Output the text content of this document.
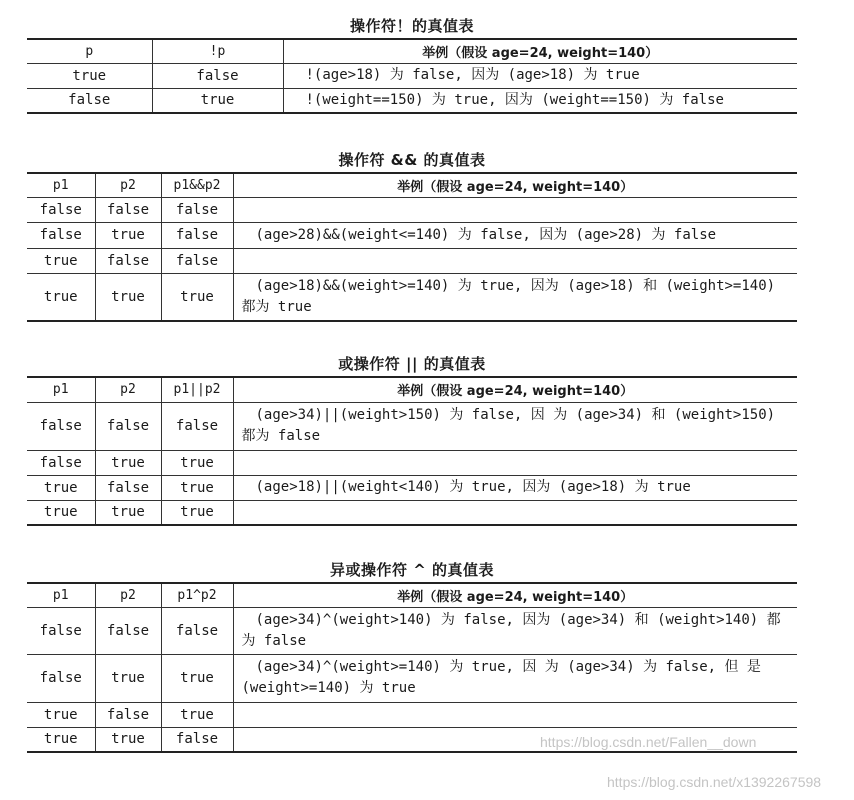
操作符！的真值表
p	!p	举例（假设 age=24, weight=140）
true	false	!(age>18) 为 false, 因为 (age>18) 为 true
false	true	!(weight==150) 为 true, 因为 (weight==150) 为 false
操作符 && 的真值表
p1	p2	p1&&p2	举例（假设 age=24, weight=140）
false	false	false	
false	true	false	(age>28)&&(weight<=140) 为 false, 因为 (age>28) 为 false
true	false	false	
true	true	true	(age>18)&&(weight>=140) 为 true, 因为 (age>18) 和 (weight>=140)
都为 true
或操作符 || 的真值表
p1	p2	p1||p2	举例（假设 age=24, weight=140）
false	false	false	(age>34)||(weight>150) 为 false, 因 为 (age>34) 和 (weight>150)
都为 false

false	true	true	
true	false	true	(age>18)||(weight<140) 为 true, 因为 (age>18) 为 true
true	true	true	
异或操作符 ^ 的真值表
p1	p2	p1^p2	举例（假设 age=24, weight=140）
false	false	false	(age>34)^(weight>140) 为 false, 因为 (age>34) 和 (weight>140) 都
为 false

false	true	true	(age>34)^(weight>=140) 为 true, 因 为 (age>34) 为 false, 但 是
(weight>=140) 为 true

true	false	true	
true	true	false		https://blog.csdn.net/Fallen__down
https://blog.csdn.net/x1392267598
